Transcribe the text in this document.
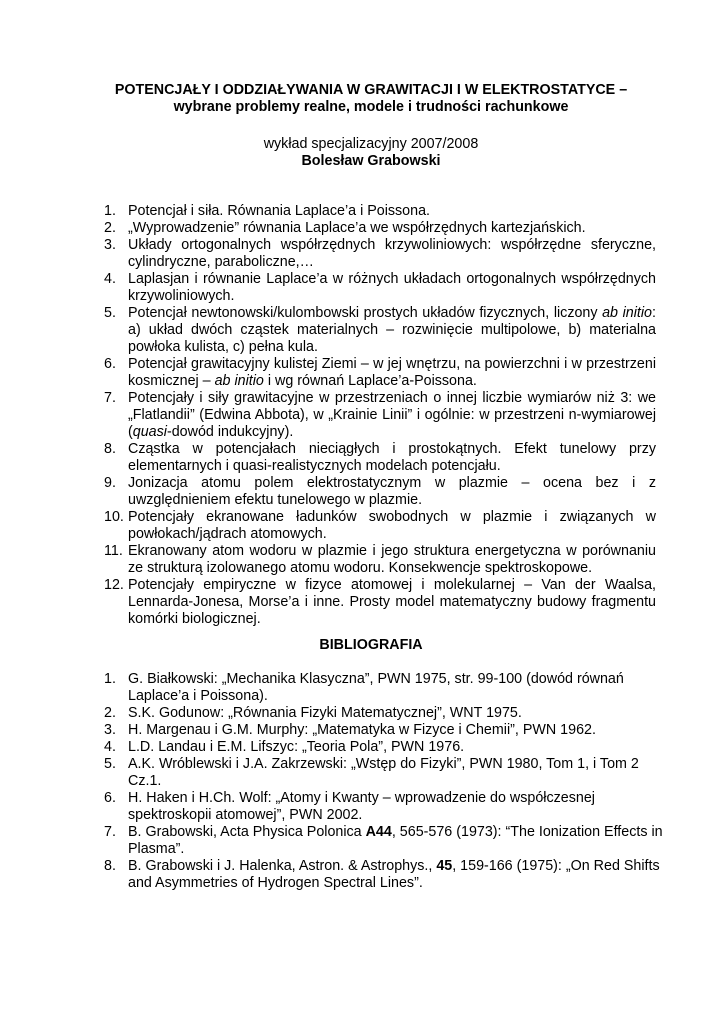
POTENCJAŁY I ODDZIAŁYWANIA W GRAWITACJI I W ELEKTROSTATYCE –
wybrane problemy realne, modele i trudności rachunkowe
wykład specjalizacyjny 2007/2008
Bolesław Grabowski
1. Potencjał i siła. Równania Laplace’a i Poissona.
2. „Wyprowadzenie” równania Laplace’a we współrzędnych kartezjańskich.
3. Układy ortogonalnych współrzędnych krzywoliniowych: współrzędne sferyczne, cylindryczne, paraboliczne,…
4. Laplasjan i równanie Laplace’a w różnych układach ortogonalnych współrzędnych krzywoliniowych.
5. Potencjał newtonowski/kulombowski prostych układów fizycznych, liczony ab initio: a) układ dwóch cząstek materialnych – rozwinięcie multipolowe, b) materialna powłoka kulista, c) pełna kula.
6. Potencjał grawitacyjny kulistej Ziemi – w jej wnętrzu, na powierzchni i w przestrzeni kosmicznej – ab initio i wg równań Laplace’a-Poissona.
7. Potencjały i siły grawitacyjne w przestrzeniach o innej liczbie wymiarów niż 3: we „Flatlandii” (Edwina Abbota), w „Krainie Linii” i ogólnie: w przestrzeni n-wymiarowej (quasi-dowód indukcyjny).
8. Cząstka w potencjałach nieciągłych i prostokątnych. Efekt tunelowy przy elementarnych i quasi-realistycznych modelach potencjału.
9. Jonizacja atomu polem elektrostatycznym w plazmie – ocena bez i z uwzględnieniem efektu tunelowego w plazmie.
10. Potencjały ekranowane ładunków swobodnych w plazmie i związanych w powłokach/jądrach atomowych.
11. Ekranowany atom wodoru w plazmie i jego struktura energetyczna w porównaniu ze strukturą izolowanego atomu wodoru. Konsekwencje spektroskopowe.
12. Potencjały empiryczne w fizyce atomowej i molekularnej – Van der Waalsa, Lennarda-Jonesa, Morse’a i inne. Prosty model matematyczny budowy fragmentu komórki biologicznej.
BIBLIOGRAFIA
1. G. Białkowski: „Mechanika Klasyczna”, PWN 1975, str. 99-100 (dowód równań Laplace’a i Poissona).
2. S.K. Godunow: „Równania Fizyki Matematycznej”, WNT 1975.
3. H. Margenau i G.M. Murphy: „Matematyka w Fizyce i Chemii”, PWN 1962.
4. L.D. Landau i E.M. Lifszyc: „Teoria Pola”, PWN 1976.
5. A.K. Wróblewski i J.A. Zakrzewski: „Wstęp do Fizyki”, PWN 1980, Tom 1, i Tom 2 Cz.1.
6. H. Haken i H.Ch. Wolf: „Atomy i Kwanty – wprowadzenie do współczesnej spektroskopii atomowej”, PWN 2002.
7. B. Grabowski, Acta Physica Polonica A44, 565-576 (1973): “The Ionization Effects in Plasma”.
8. B. Grabowski i J. Halenka, Astron. & Astrophys., 45, 159-166 (1975): „On Red Shifts and Asymmetries of Hydrogen Spectral Lines”.
